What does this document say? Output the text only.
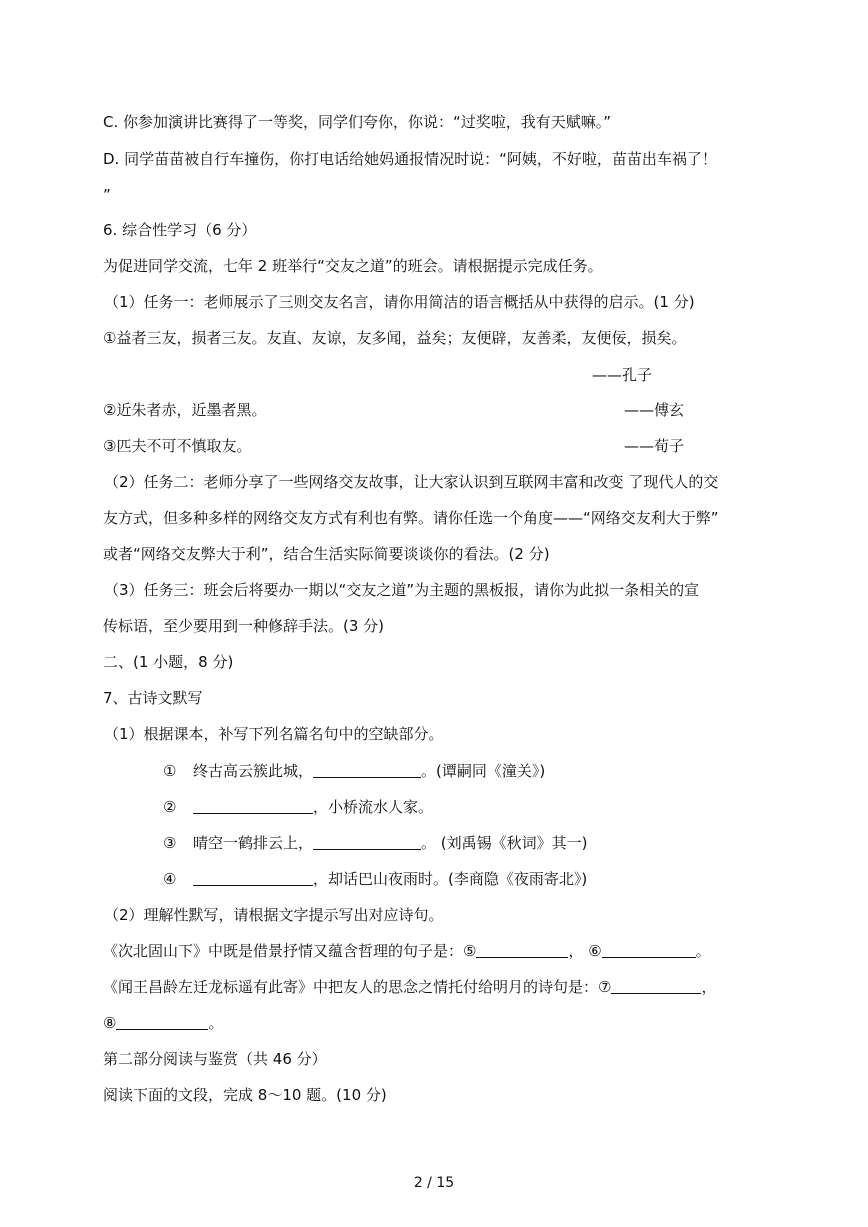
C. 你参加演讲比赛得了一等奖，同学们夸你，你说：“过奖啦，我有天赋嘛。”
D. 同学苗苗被自行车撞伤，你打电话给她妈通报情况时说：“阿姨，不好啦，苗苗出车祸了！
”
6. 综合性学习（6 分）
为促进同学交流，七年 2 班举行“交友之道”的班会。请根据提示完成任务。
（1）任务一：老师展示了三则交友名言，请你用简洁的语言概括从中获得的启示。(1 分)
①益者三友，损者三友。友直、友谅，友多闻，益矣；友便辟，友善柔，友便佞，损矣。
——孔子
②近朱者赤，近墨者黑。	——傅玄
③匹夫不可不慎取友。	——荀子
（2）任务二：老师分享了一些网络交友故事，让大家认识到互联网丰富和改变 了现代人的交
友方式，但多种多样的网络交友方式有利也有弊。请你任选一个角度——“网络交友利大于弊”
或者“网络交友弊大于利”，结合生活实际简要谈谈你的看法。(2 分)
（3）任务三：班会后将要办一期以“交友之道”为主题的黑板报，请你为此拟一条相关的宣
传标语，至少要用到一种修辞手法。(3 分)
二、(1 小题，8 分)
7、古诗文默写
（1）根据课本，补写下列名篇名句中的空缺部分。
① 终古高云簇此城，	。(谭嗣同《潼关》)
②	，小桥流水人家。
③ 晴空一鹤排云上，	。 (刘禹锡《秋词》其一)
④	，却话巴山夜雨时。(李商隐《夜雨寄北》)
（2）理解性默写，请根据文字提示写出对应诗句。
《次北固山下》中既是借景抒情又蕴含哲理的句子是：⑤	， ⑥	。
《闻王昌龄左迁龙标遥有此寄》中把友人的思念之情托付给明月的诗句是：⑦	，
⑧	。
第二部分阅读与鉴赏（共 46 分）
阅读下面的文段，完成 8～10 题。(10 分)
2 / 15
